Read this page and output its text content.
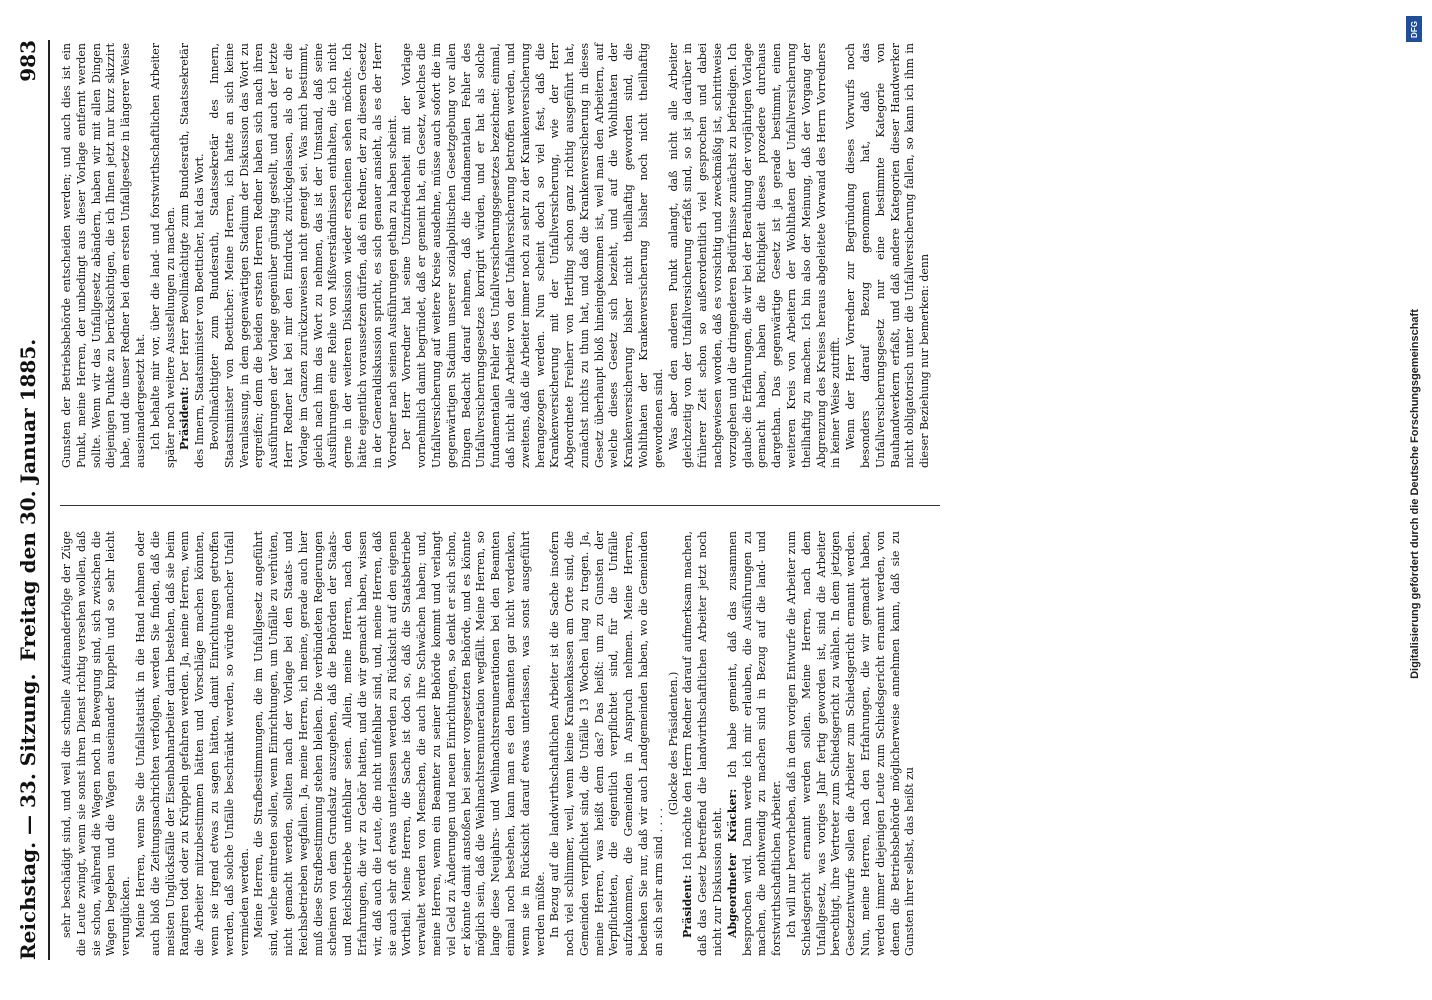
Reichstag. — 33. Sitzung.
Freitag den 30. Januar 1885.
983

sehr beschädigt sind, und weil die schnelle Aufeinanderfolge der Züge die Leute zwingt, wenn sie sonst ihren Dienst richtig versehen wollen, daß sie schon, während die Wagen noch in Bewegung sind, sich zwischen die Wagen begeben und die Wagen auseinander kuppeln und so sehr leicht verunglücken. Meine Herren, wenn Sie die Unfallstatistik in die Hand nehmen oder auch bloß die Zeitungsnachrichten verfolgen, werden Sie finden, daß die meisten Unglücksfälle der Eisenbahnarbeiter darin bestehen, daß sie beim Rangiren todt oder zu Krüppeln gefahren werden. Ja, meine Herren, wenn die Arbeiter mitzubestimmen hätten und Vorschläge machen könnten, wenn sie irgend etwas zu sagen hätten, damit Einrichtungen getroffen werden, daß solche Unfälle beschränkt werden, so würde mancher Unfall vermieden werden. Meine Herren, die Strafbestimmungen, die im Unfallgesetz angeführt sind, welche eintreten sollen, wenn Einrichtungen, um Unfälle zu verhüten, nicht gemacht werden, sollten nach der Vorlage bei den Staats- und Reichsbetrieben wegfallen. Ja, meine Herren, ich meine, gerade auch hier muß diese Strafbestimmung stehen bleiben. Die verbündeten Regierungen scheinen von dem Grundsatz auszugehen, daß die Behörden der Staats- und Reichsbetriebe unfehlbar seien. Allein, meine Herren, nach den Erfahrungen, die wir zu Gehör hatten, und die wir gemacht haben, wissen wir, daß auch die Leute, die nicht unfehlbar sind, und, meine Herren, daß sie auch sehr oft etwas unterlassen werden zu Rücksicht auf den eigenen Vortheil. Meine Herren, die Sache ist doch so, daß die Staatsbetriebe verwaltet werden von Menschen, die auch ihre Schwächen haben; und, meine Herren, wenn ein Beamter zu seiner Behörde kommt und verlangt viel Geld zu Änderungen und neuen Einrichtungen, so denkt er sich schon, er könnte damit anstoßen bei seiner vorgesetzten Behörde, und es könnte möglich sein, daß die Weihnachtsremuneration wegfällt. Meine Herren, so lange diese Neujahrs- und Weihnachtsremunerationen bei den Beamten einmal noch bestehen, kann man es den Beamten gar nicht verdenken, wenn sie in Rücksicht darauf etwas unterlassen, was sonst ausgeführt werden müßte. In Bezug auf die landwirthschaftlichen Arbeiter ist die Sache insofern noch viel schlimmer, weil, wenn keine Krankenkassen am Orte sind, die Gemeinden verpflichtet sind, die Unfälle 13 Wochen lang zu tragen. Ja, meine Herren, was heißt denn das? Das heißt: um zu Gunsten der Verpflichteten, die eigentlich verpflichtet sind, für die Unfälle aufzukommen, die Gemeinden in Anspruch nehmen. Meine Herren, bedenken Sie nur, daß wir auch Landgemeinden haben, wo die Gemeinden an sich sehr arm sind . . . .

(Glocke des Präsidenten.)

Präsident: Ich möchte den Herrn Redner darauf aufmerksam machen, daß das Gesetz betreffend die landwirthschaftlichen Arbeiter jetzt noch nicht zur Diskussion steht. Abgeordneter Kräcker: Ich habe gemeint, daß das zusammen besprochen wird. Dann werde ich mir erlauben, die Ausführungen zu machen, die nothwendig zu machen sind in Bezug auf die land- und forstwirthschaftlichen Arbeiter. Ich will nur hervorheben, daß in dem vorigen Entwurfe die Arbeiter zum Schiedsgericht ernannt werden sollen. Meine Herren, nach dem Unfallgesetz, was voriges Jahr fertig geworden ist, sind die Arbeiter berechtigt, ihre Vertreter zum Schiedsgericht zu wählen. In dem jetzigen Gesetzentwurfe sollen die Arbeiter zum Schiedsgericht ernannt werden. Nun, meine Herren, nach den Erfahrungen, die wir gemacht haben, werden immer diejenigen Leute zum Schiedsgericht ernannt werden, von denen die Betriebsbehörde möglicherweise annehmen kann, daß sie zu Gunsten ihrer selbst, das heißt zu

Gunsten der Betriebsbehörde entscheiden werden; und auch dies ist ein Punkt, meine Herren, der unbedingt aus dieser Vorlage entfernt werden sollte. Wenn wir das Unfallgesetz abändern, haben wir mit allen Dingen diejenigen Punkte zu berücksichtigen, die ich Ihnen jetzt nur kurz skizzirt habe, und die unser Redner bei dem ersten Unfallgesetze in längerer Weise auseinandergesetzt hat. Ich behalte mir vor, über die land- und forstwirthschaftlichen Arbeiter später noch weitere Ausstellungen zu machen. Präsident: Der Herr Bevollmächtigte zum Bundesrath, Staatssekretär des Innern, Staatsminister von Boetticher, hat das Wort. Bevollmächtigter zum Bundesrath, Staatssekretär des Innern, Staatsminister von Boetticher: Meine Herren, ich hatte an sich keine Veranlassung, in dem gegenwärtigen Stadium der Diskussion das Wort zu ergreifen; denn die beiden ersten Herren Redner haben sich nach ihren Ausführungen der Vorlage gegenüber günstig gestellt, und auch der letzte Herr Redner hat bei mir den Eindruck zurückgelassen, als ob er die Vorlage im Ganzen zurückzuweisen nicht geneigt sei. Was mich bestimmt, gleich nach ihm das Wort zu nehmen, das ist der Umstand, daß seine Ausführungen eine Reihe von Mißverständnissen enthalten, die ich nicht gerne in der weiteren Diskussion wieder erscheinen sehen möchte. Ich hätte eigentlich voraussetzen dürfen, daß ein Redner, der zu diesem Gesetz in der Generaldiskussion spricht, es sich genauer ansieht, als es der Herr Vorredner nach seinen Ausführungen gethan zu haben scheint. Der Herr Vorredner hat seine Unzufriedenheit mit der Vorlage vornehmlich damit begründet, daß er gemeint hat, ein Gesetz, welches die Unfallversicherung auf weitere Kreise ausdehne, müsse auch sofort die im gegenwärtigen Stadium unserer sozialpolitischen Gesetzgebung vor allen Dingen Bedacht darauf nehmen, daß die fundamentalen Fehler des Unfallversicherungsgesetzes korrigirt würden, und er hat als solche fundamentalen Fehler des Unfallversicherungsgesetzes bezeichnet: einmal, daß nicht alle Arbeiter von der Unfallversicherung betroffen werden, und zweitens, daß die Arbeiter immer noch zu sehr zu der Krankenversicherung herangezogen werden. Nun scheint doch so viel fest, daß die Krankenversicherung mit der Unfallversicherung, wie der Herr Abgeordnete Freiherr von Hertling schon ganz richtig ausgeführt hat, zunächst nichts zu thun hat, und daß die Krankenversicherung in dieses Gesetz überhaupt bloß hineingekommen ist, weil man den Arbeitern, auf welche dieses Gesetz sich bezieht, und auf die Wohlthaten der Krankenversicherung bisher nicht theilhaftig geworden sind, die Wohlthaten der Krankenversicherung bisher noch nicht theilhaftig gewordenen sind. Was aber den anderen Punkt anlangt, daß nicht alle Arbeiter gleichzeitig von der Unfallversicherung erfaßt sind, so ist ja darüber in früherer Zeit schon so außerordentlich viel gesprochen und dabei nachgewiesen worden, daß es vorsichtig und zweckmäßig ist, schrittweise vorzugehen und die dringenderen Bedürfnisse zunächst zu befriedigen. Ich glaube: die Erfahrungen, die wir bei der Berathung der vorjährigen Vorlage gemacht haben, haben die Richtigkeit dieses prozedere durchaus dargethan. Das gegenwärtige Gesetz ist ja gerade bestimmt, einen weiteren Kreis von Arbeitern der Wohlthaten der Unfallversicherung theilhaftig zu machen. Ich bin also der Meinung, daß der Vorgang der Abgrenzung des Kreises heraus abgeleitete Vorwand des Herrn Vorredners in keiner Weise zutrifft. Wenn der Herr Vorredner zur Begründung dieses Vorwurfs noch besonders darauf Bezug genommen hat, daß das Unfallversicherungsgesetz nur eine bestimmte Kategorie von Bauhandwerkern erfaßt, und daß andere Kategorien dieser Handwerker nicht obligatorisch unter die Unfallversicherung fallen, so kann ich ihm in dieser Beziehung nur bemerken: denn

DFG
Digitalisierung gefördert durch die Deutsche Forschungsgemeinschaft
